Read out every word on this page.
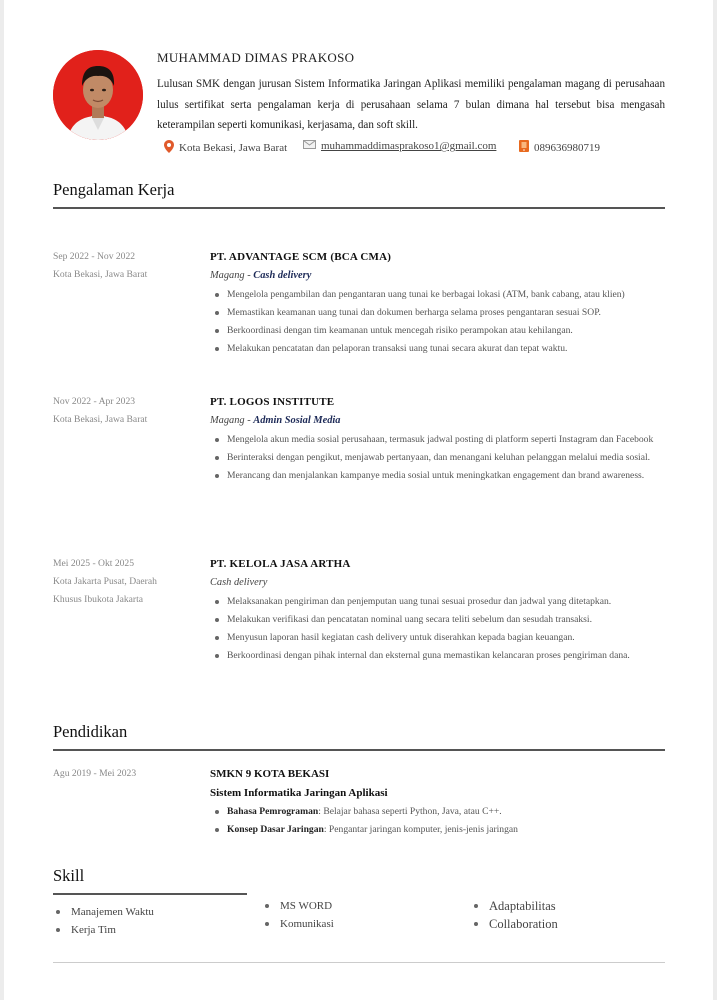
MUHAMMAD DIMAS PRAKOSO
Lulusan SMK dengan jurusan Sistem Informatika Jaringan Aplikasi memiliki pengalaman magang di perusahaan lulus sertifikat serta pengalaman kerja di perusahaan selama 7 bulan dimana hal tersebut bisa mengasah keterampilan seperti komunikasi, kerjasama, dan soft skill.
Kota Bekasi, Jawa Barat	muhammaddimasprakoso1@gmail.com	089636980719
Pengalaman Kerja
Sep 2022 - Nov 2022
Kota Bekasi, Jawa Barat
PT. ADVANTAGE SCM (BCA CMA)
Magang - Cash delivery
Mengelola pengambilan dan pengantaran uang tunai ke berbagai lokasi (ATM, bank cabang, atau klien)
Memastikan keamanan uang tunai dan dokumen berharga selama proses pengantaran sesuai SOP.
Berkoordinasi dengan tim keamanan untuk mencegah risiko perampokan atau kehilangan.
Melakukan pencatatan dan pelaporan transaksi uang tunai secara akurat dan tepat waktu.
Nov 2022 - Apr 2023
Kota Bekasi, Jawa Barat
PT. LOGOS INSTITUTE
Magang - Admin Sosial Media
Mengelola akun media sosial perusahaan, termasuk jadwal posting di platform seperti Instagram dan Facebook
Berinteraksi dengan pengikut, menjawab pertanyaan, dan menangani keluhan pelanggan melalui media sosial.
Merancang dan menjalankan kampanye media sosial untuk meningkatkan engagement dan brand awareness.
Mei 2025 - Okt 2025
Kota Jakarta Pusat, Daerah Khusus Ibukota Jakarta
PT. KELOLA JASA ARTHA
Cash delivery
Melaksanakan pengiriman dan penjemputan uang tunai sesuai prosedur dan jadwal yang ditetapkan.
Melakukan verifikasi dan pencatatan nominal uang secara teliti sebelum dan sesudah transaksi.
Menyusun laporan hasil kegiatan cash delivery untuk diserahkan kepada bagian keuangan.
Berkoordinasi dengan pihak internal dan eksternal guna memastikan kelancaran proses pengiriman dana.
Pendidikan
Agu 2019 - Mei 2023	SMKN 9 KOTA BEKASI
Sistem Informatika Jaringan Aplikasi
Bahasa Pemrograman: Belajar bahasa seperti Python, Java, atau C++.
Konsep Dasar Jaringan: Pengantar jaringan komputer, jenis-jenis jaringan
Skill
Manajemen Waktu
Kerja Tim
MS WORD
Komunikasi
Adaptabilitas
Collaboration
